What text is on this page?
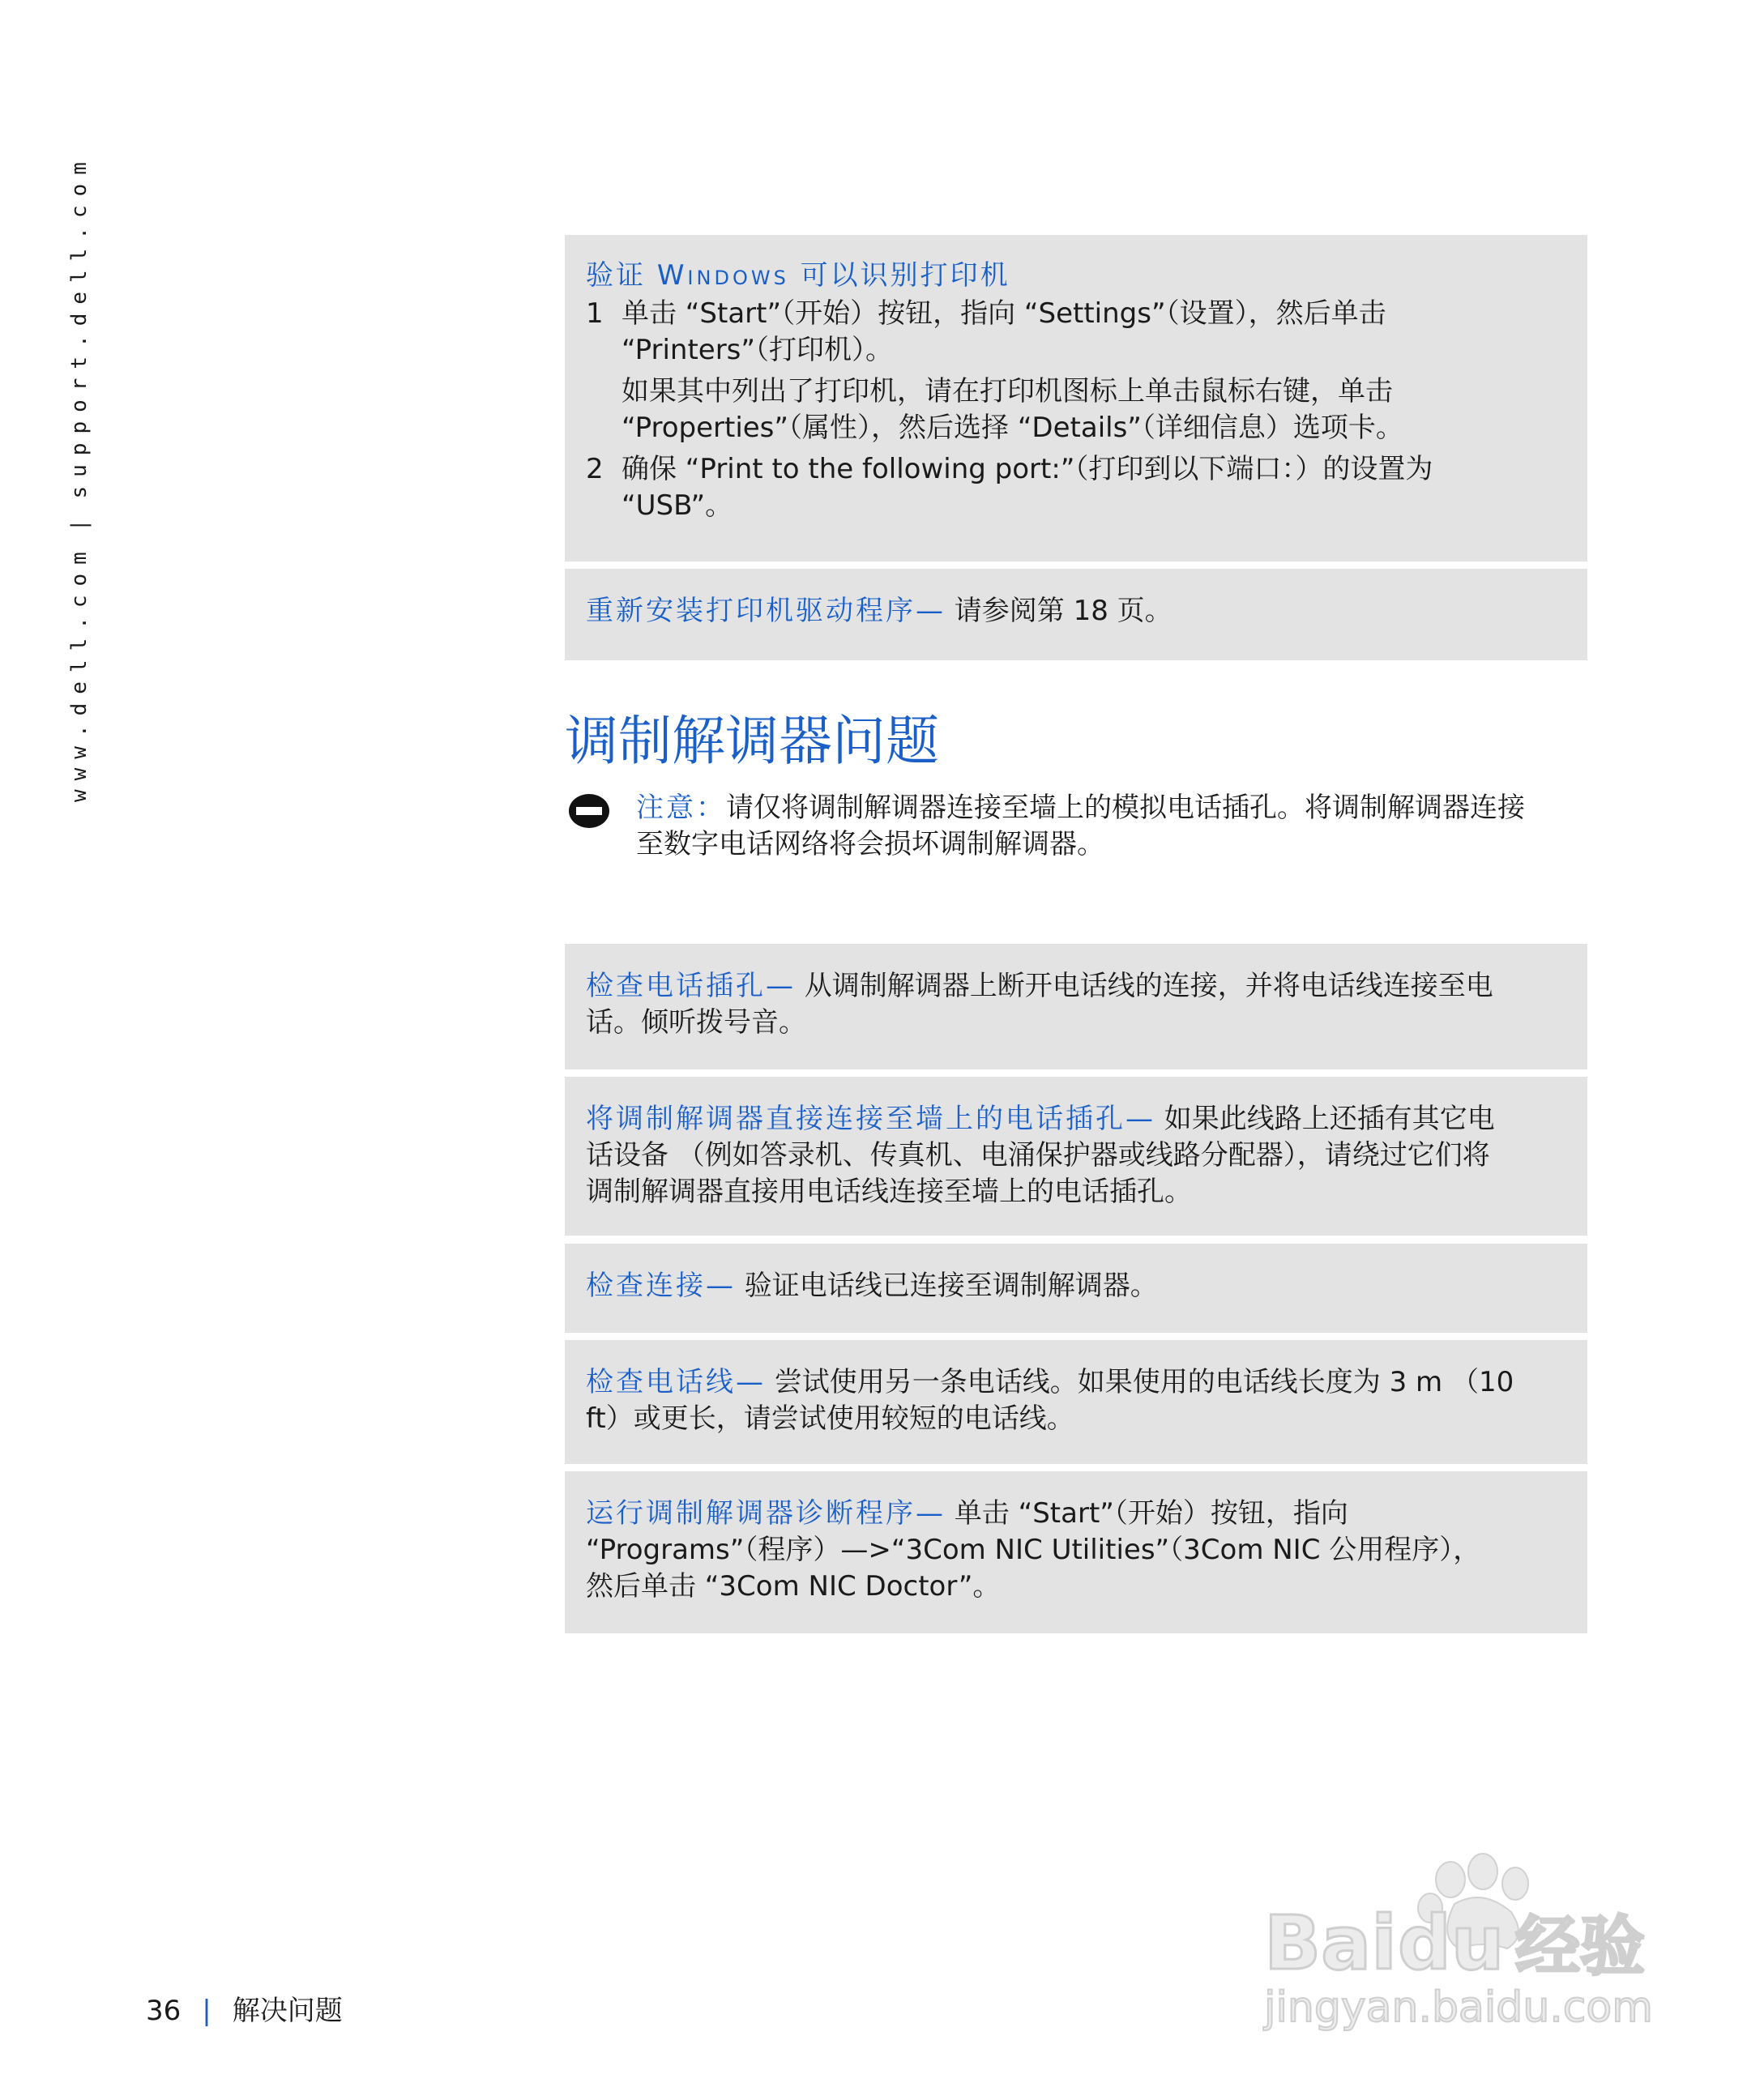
www.dell.com|support.dell.com	验证 Windows 可以识别打印机
1 单击 “Start”（开始）按钮，指向 “Settings”（设置），然后单击
“Printers”（打印机）。
如果其中列出了打印机，请在打印机图标上单击鼠标右键，单击
“Properties”（属性），然后选择 “Details”（详细信息）选项卡。
2 确保 “Print to the following port:”（打印到以下端口：）的设置为
“USB”。
重新安装打印机驱动程序— 请参阅第 18 页。
调制解调器问题
注意：请仅将调制解调器连接至墙上的模拟电话插孔。将调制解调器连接
至数字电话网络将会损坏调制解调器。
检查电话插孔— 从调制解调器上断开电话线的连接，并将电话线连接至电
话。倾听拨号音。
将调制解调器直接连接至墙上的电话插孔— 如果此线路上还插有其它电
话设备 （例如答录机、传真机、电涌保护器或线路分配器），请绕过它们将
调制解调器直接用电话线连接至墙上的电话插孔。
检查连接— 验证电话线已连接至调制解调器。
检查电话线— 尝试使用另一条电话线。如果使用的电话线长度为 3 m （10
ft）或更长，请尝试使用较短的电话线。
运行调制解调器诊断程序— 单击 “Start”（开始）按钮，指向
“Programs”（程序）—>“3Com NIC Utilities”（3Com NIC 公用程序），
然后单击 “3Com NIC Doctor”。
36 | 解决问题
Bai du 经验
jingyan.baidu.com
